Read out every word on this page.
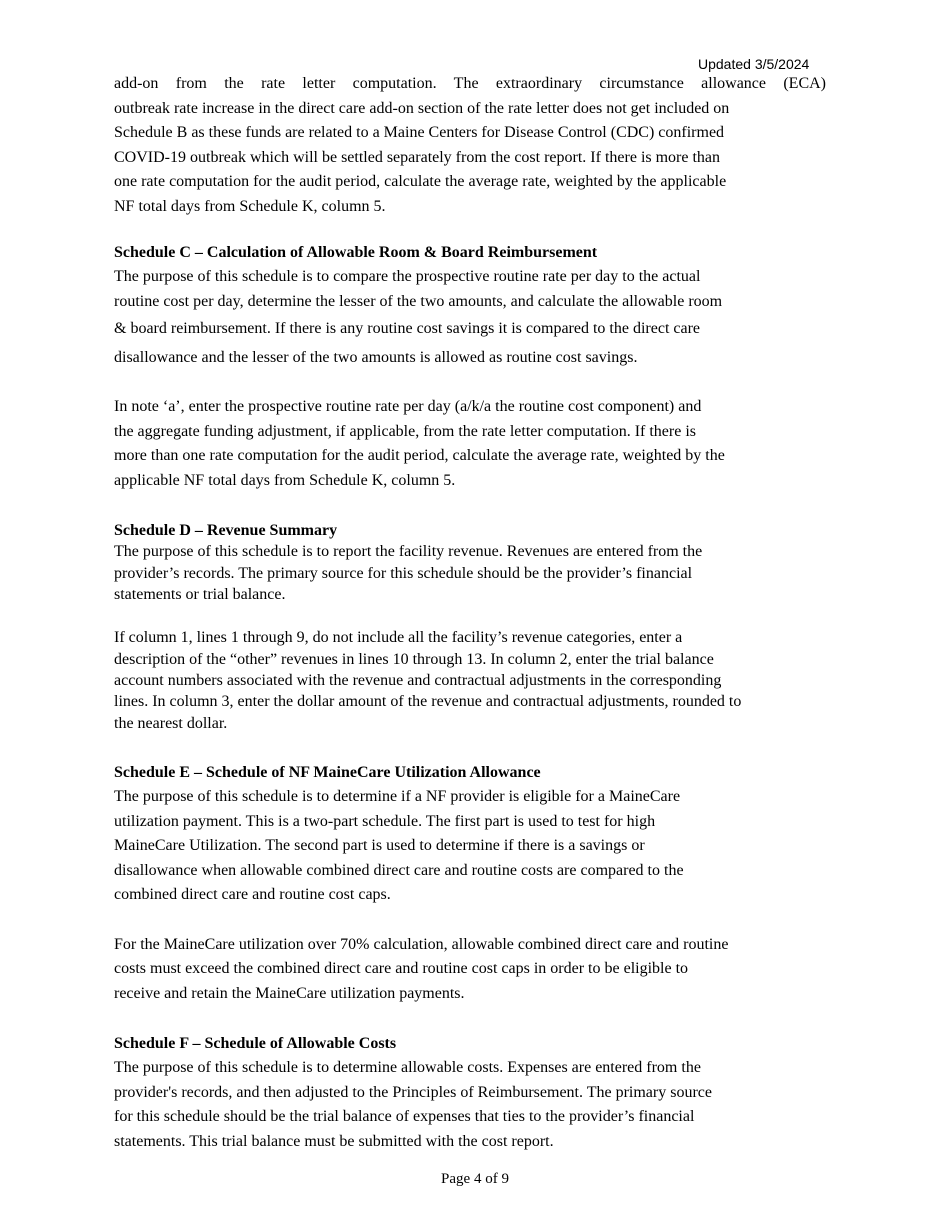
Updated 3/5/2024
add-on from the rate letter computation. The extraordinary circumstance allowance (ECA)
outbreak rate increase in the direct care add-on section of the rate letter does not get included on
Schedule B as these funds are related to a Maine Centers for Disease Control (CDC) confirmed
COVID-19 outbreak which will be settled separately from the cost report. If there is more than
one rate computation for the audit period, calculate the average rate, weighted by the applicable
NF total days from Schedule K, column 5.
Schedule C – Calculation of Allowable Room & Board Reimbursement
The purpose of this schedule is to compare the prospective routine rate per day to the actual
routine cost per day, determine the lesser of the two amounts, and calculate the allowable room
& board reimbursement. If there is any routine cost savings it is compared to the direct care
disallowance and the lesser of the two amounts is allowed as routine cost savings.
In note ‘a’, enter the prospective routine rate per day (a/k/a the routine cost component) and
the aggregate funding adjustment, if applicable, from the rate letter computation. If there is
more than one rate computation for the audit period, calculate the average rate, weighted by the
applicable NF total days from Schedule K, column 5.
Schedule D – Revenue Summary
The purpose of this schedule is to report the facility revenue. Revenues are entered from the
provider’s records. The primary source for this schedule should be the provider’s financial
statements or trial balance.
If column 1, lines 1 through 9, do not include all the facility’s revenue categories, enter a
description of the “other” revenues in lines 10 through 13. In column 2, enter the trial balance
account numbers associated with the revenue and contractual adjustments in the corresponding
lines. In column 3, enter the dollar amount of the revenue and contractual adjustments, rounded to
the nearest dollar.
Schedule E – Schedule of NF MaineCare Utilization Allowance
The purpose of this schedule is to determine if a NF provider is eligible for a MaineCare
utilization payment. This is a two-part schedule. The first part is used to test for high
MaineCare Utilization. The second part is used to determine if there is a savings or
disallowance when allowable combined direct care and routine costs are compared to the
combined direct care and routine cost caps.
For the MaineCare utilization over 70% calculation, allowable combined direct care and routine
costs must exceed the combined direct care and routine cost caps in order to be eligible to
receive and retain the MaineCare utilization payments.
Schedule F – Schedule of Allowable Costs
The purpose of this schedule is to determine allowable costs. Expenses are entered from the
provider's records, and then adjusted to the Principles of Reimbursement. The primary source
for this schedule should be the trial balance of expenses that ties to the provider’s financial
statements. This trial balance must be submitted with the cost report.
Page 4 of 9
